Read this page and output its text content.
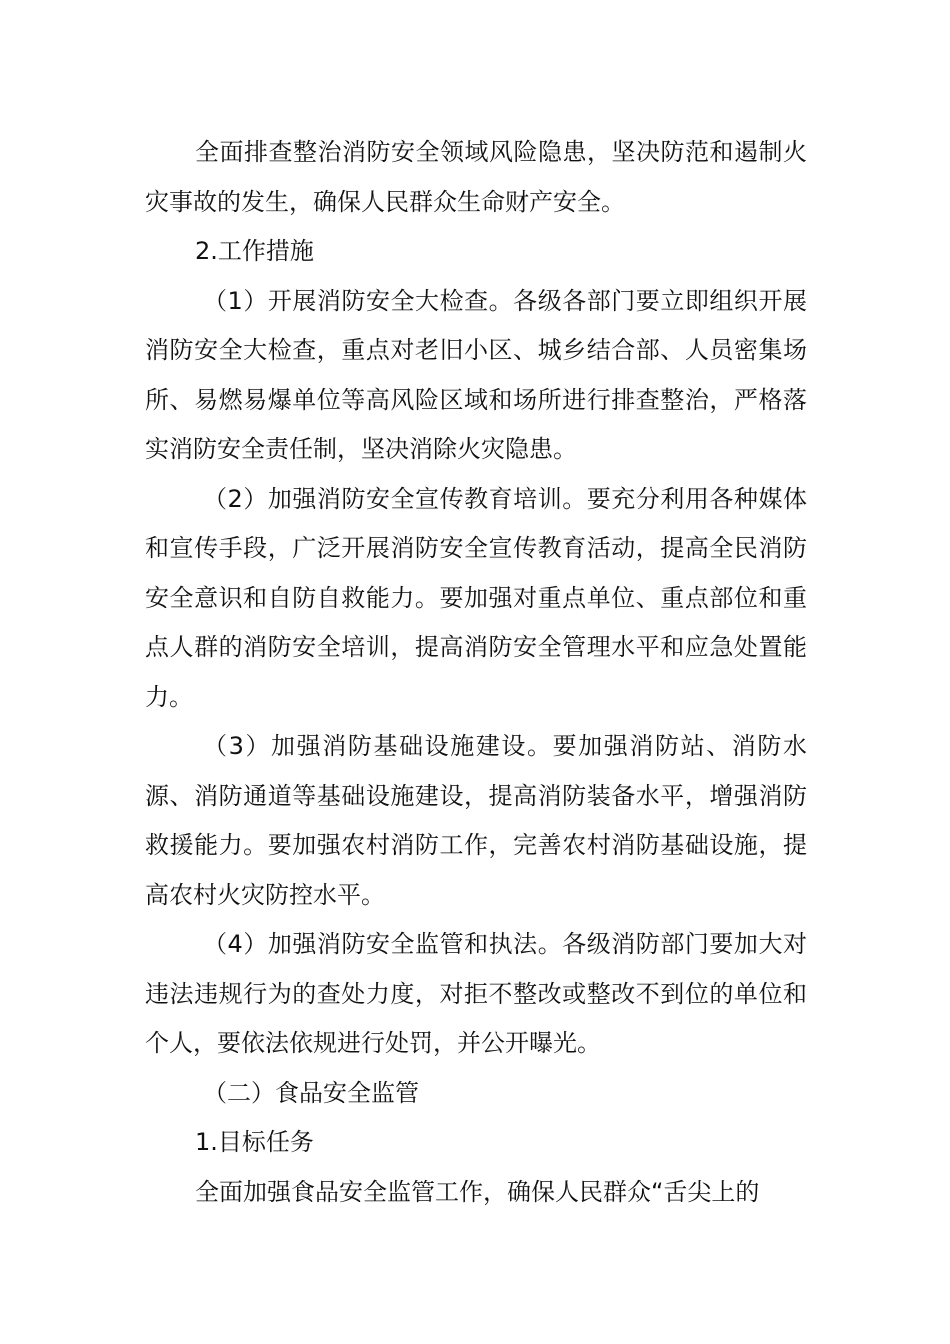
全面排查整治消防安全领域风险隐患，坚决防范和遏制火灾事故的发生，确保人民群众生命财产安全。

2.工作措施

（1）开展消防安全大检查。各级各部门要立即组织开展消防安全大检查，重点对老旧小区、城乡结合部、人员密集场所、易燃易爆单位等高风险区域和场所进行排查整治，严格落实消防安全责任制，坚决消除火灾隐患。

（2）加强消防安全宣传教育培训。要充分利用各种媒体和宣传手段，广泛开展消防安全宣传教育活动，提高全民消防安全意识和自防自救能力。要加强对重点单位、重点部位和重点人群的消防安全培训，提高消防安全管理水平和应急处置能力。

（3）加强消防基础设施建设。要加强消防站、消防水源、消防通道等基础设施建设，提高消防装备水平，增强消防救援能力。要加强农村消防工作，完善农村消防基础设施，提高农村火灾防控水平。

（4）加强消防安全监管和执法。各级消防部门要加大对违法违规行为的查处力度，对拒不整改或整改不到位的单位和个人，要依法依规进行处罚，并公开曝光。

（二）食品安全监管

1.目标任务

全面加强食品安全监管工作，确保人民群众“舌尖上的
